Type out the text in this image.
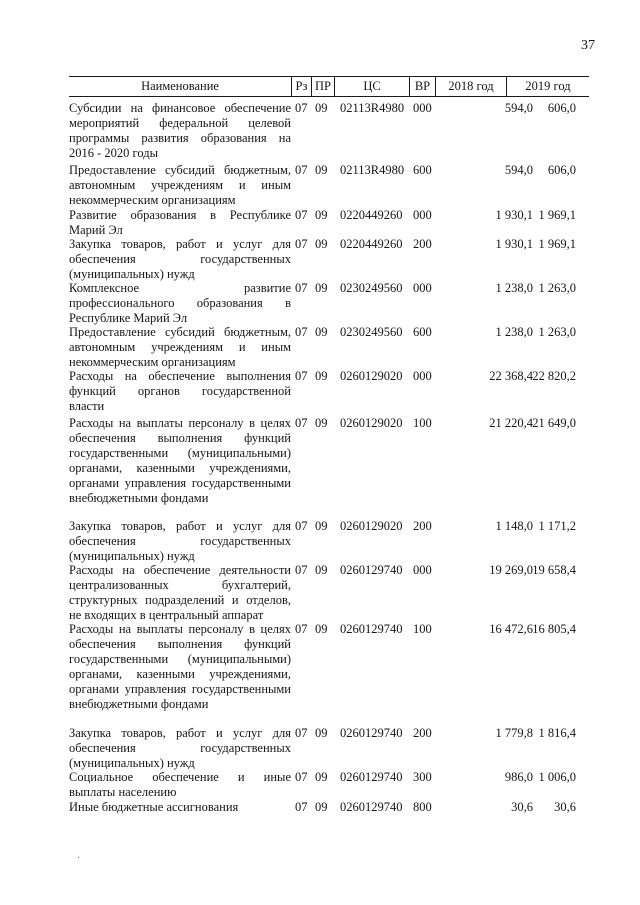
37
Наименование	Рз ПР	ЦС	ВР	2018 год	2019 год
Субсидии на финансовое обеспечение мероприятий федеральной целевой программы развития образования на 2016 - 2020 годы
07 09 02113R4980 000	594,0	606,0
Предоставление субсидий бюджетным, автономным учреждениям и иным некоммерческим организациям
07 09 02113R4980 600	594,0	606,0
Развитие образования в Республике Марий Эл
07 09 0220449260 000	1 930,1 1 969,1
Закупка товаров, работ и услуг для обеспечения государственных (муниципальных) нужд
07 09 0220449260 200	1 930,1 1 969,1
Комплексное развитие профессионального образования в Республике Марий Эл
07 09 0230249560 000	1 238,0 1 263,0
Предоставление субсидий бюджетным, автономным учреждениям и иным некоммерческим организациям
07 09 0230249560 600	1 238,0 1 263,0
Расходы на обеспечение выполнения функций органов государственной власти
07 09 0260129020 000	22 368,4 22 820,2
Расходы на выплаты персоналу в целях обеспечения выполнения функций государственными (муниципальными) органами, казенными учреждениями, органами управления государственными внебюджетными фондами
07 09 0260129020 100	21 220,4 21 649,0
Закупка товаров, работ и услуг для обеспечения государственных (муниципальных) нужд
07 09 0260129020 200	1 148,0 1 171,2
Расходы на обеспечение деятельности централизованных бухгалтерий, структурных подразделений и отделов, не входящих в центральный аппарат
07 09 0260129740 000	19 269,0 19 658,4
Расходы на выплаты персоналу в целях обеспечения выполнения функций государственными (муниципальными) органами, казенными учреждениями, органами управления государственными внебюджетными фондами
07 09 0260129740 100	16 472,6 16 805,4
Закупка товаров, работ и услуг для обеспечения государственных (муниципальных) нужд
07 09 0260129740 200	1 779,8 1 816,4
Социальное обеспечение и иные выплаты населению
07 09 0260129740 300	986,0 1 006,0
Иные бюджетные ассигнования	07 09 0260129740 800	30,6	30,6
·
